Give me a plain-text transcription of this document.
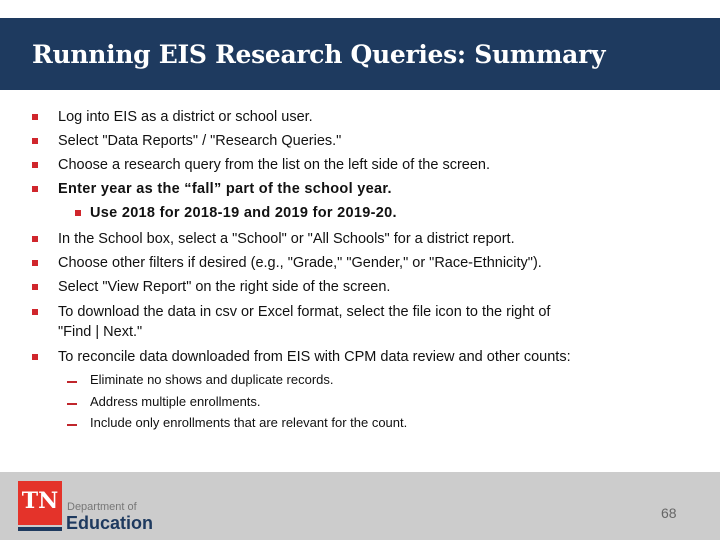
Running EIS Research Queries: Summary
Log into EIS as a district or school user.
Select "Data Reports" / "Research Queries."
Choose a research query from the list on the left side of the screen.
Enter year as the “fall” part of the school year.
Use 2018 for 2018-19 and 2019 for 2019-20.
In the School box, select a "School" or "All Schools" for a district report.
Choose other filters if desired (e.g., "Grade," "Gender," or "Race-Ethnicity").
Select "View Report" on the right side of the screen.
To download the data in csv or Excel format, select the file icon to the right of
"Find | Next."
To reconcile data downloaded from EIS with CPM data review and other counts:
Eliminate no shows and duplicate records.
Address multiple enrollments.
Include only enrollments that are relevant for the count.
TN Department of
Education	68
